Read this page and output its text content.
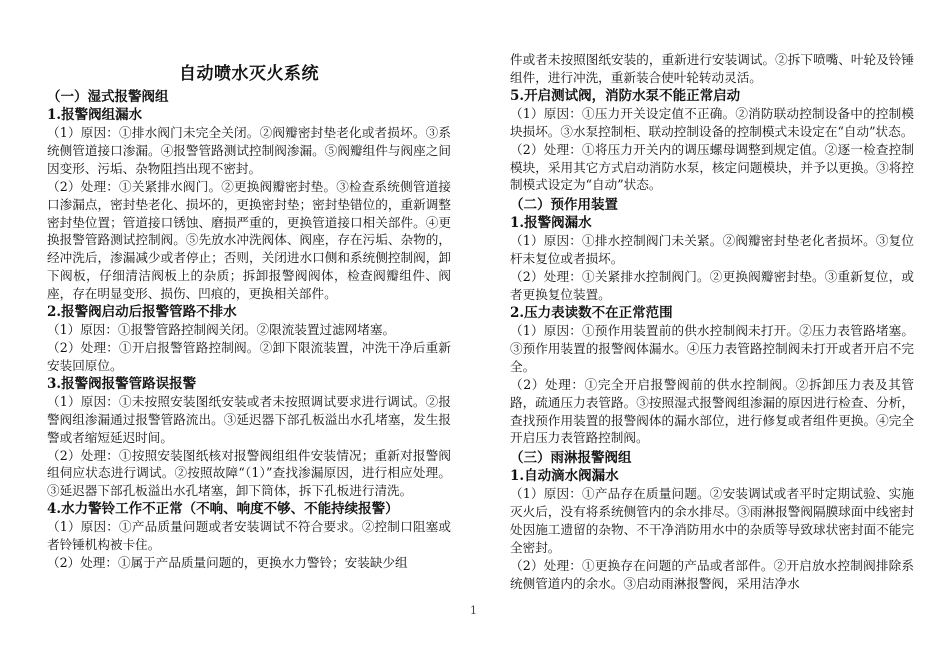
自动喷水灭火系统

（一）湿式报警阀组

1.报警阀组漏水

（1）原因：①排水阀门未完全关闭。②阀瓣密封垫老化或者损坏。③系统侧管道接口渗漏。④报警管路测试控制阀渗漏。⑤阀瓣组件与阀座之间因变形、污垢、杂物阻挡出现不密封。

（2）处理：①关紧排水阀门。②更换阀瓣密封垫。③检查系统侧管道接口渗漏点，密封垫老化、损坏的，更换密封垫；密封垫错位的，重新调整密封垫位置；管道接口锈蚀、磨损严重的，更换管道接口相关部件。④更换报警管路测试控制阀。⑤先放水冲洗阀体、阀座，存在污垢、杂物的，经冲洗后，渗漏减少或者停止；否则，关闭进水口侧和系统侧控制阀，卸下阀板，仔细清洁阀板上的杂质；拆卸报警阀阀体，检查阀瓣组件、阀座，存在明显变形、损伤、凹痕的，更换相关部件。

2.报警阀启动后报警管路不排水

（1）原因：①报警管路控制阀关闭。②限流装置过滤网堵塞。

（2）处理：①开启报警管路控制阀。②卸下限流装置，冲洗干净后重新安装回原位。

3.报警阀报警管路误报警

（1）原因：①未按照安装图纸安装或者未按照调试要求进行调试。②报警阀组渗漏通过报警管路流出。③延迟器下部孔板溢出水孔堵塞，发生报警或者缩短延迟时间。

（2）处理：①按照安装图纸核对报警阀组组件安装情况；重新对报警阀组伺应状态进行调试。②按照故障“（1）”查找渗漏原因，进行相应处理。③延迟器下部孔板溢出水孔堵塞，卸下筒体，拆下孔板进行清洗。

4.水力警铃工作不正常（不响、响度不够、不能持续报警）

（1）原因：①产品质量问题或者安装调试不符合要求。②控制口阻塞或者铃锤机构被卡住。

（2）处理：①属于产品质量问题的，更换水力警铃；安装缺少组

件或者未按照图纸安装的，重新进行安装调试。②拆下喷嘴、叶轮及铃锤组件，进行冲洗，重新装合使叶轮转动灵活。

5.开启测试阀，消防水泵不能正常启动

（1）原因：①压力开关设定值不正确。②消防联动控制设备中的控制模块损坏。③水泵控制柜、联动控制设备的控制模式未设定在“自动”状态。

（2）处理：①将压力开关内的调压螺母调整到规定值。②逐一检查控制模块，采用其它方式启动消防水泵，核定问题模块，并予以更换。③将控制模式设定为“自动”状态。

（二）预作用装置

1.报警阀漏水

（1）原因：①排水控制阀门未关紧。②阀瓣密封垫老化者损坏。③复位杆未复位或者损坏。

（2）处理：①关紧排水控制阀门。②更换阀瓣密封垫。③重新复位，或者更换复位装置。

2.压力表读数不在正常范围

（1）原因：①预作用装置前的供水控制阀未打开。②压力表管路堵塞。③预作用装置的报警阀体漏水。④压力表管路控制阀未打开或者开启不完全。

（2）处理：①完全开启报警阀前的供水控制阀。②拆卸压力表及其管路，疏通压力表管路。③按照湿式报警阀组渗漏的原因进行检查、分析，查找预作用装置的报警阀体的漏水部位，进行修复或者组件更换。④完全开启压力表管路控制阀。

（三）雨淋报警阀组

1.自动滴水阀漏水

（1）原因：①产品存在质量问题。②安装调试或者平时定期试验、实施灭火后，没有将系统侧管内的余水排尽。③雨淋报警阀隔膜球面中线密封处因施工遗留的杂物、不干净消防用水中的杂质等导致球状密封面不能完全密封。

（2）处理：①更换存在问题的产品或者部件。②开启放水控制阀排除系统侧管道内的余水。③启动雨淋报警阀，采用洁净水

1
